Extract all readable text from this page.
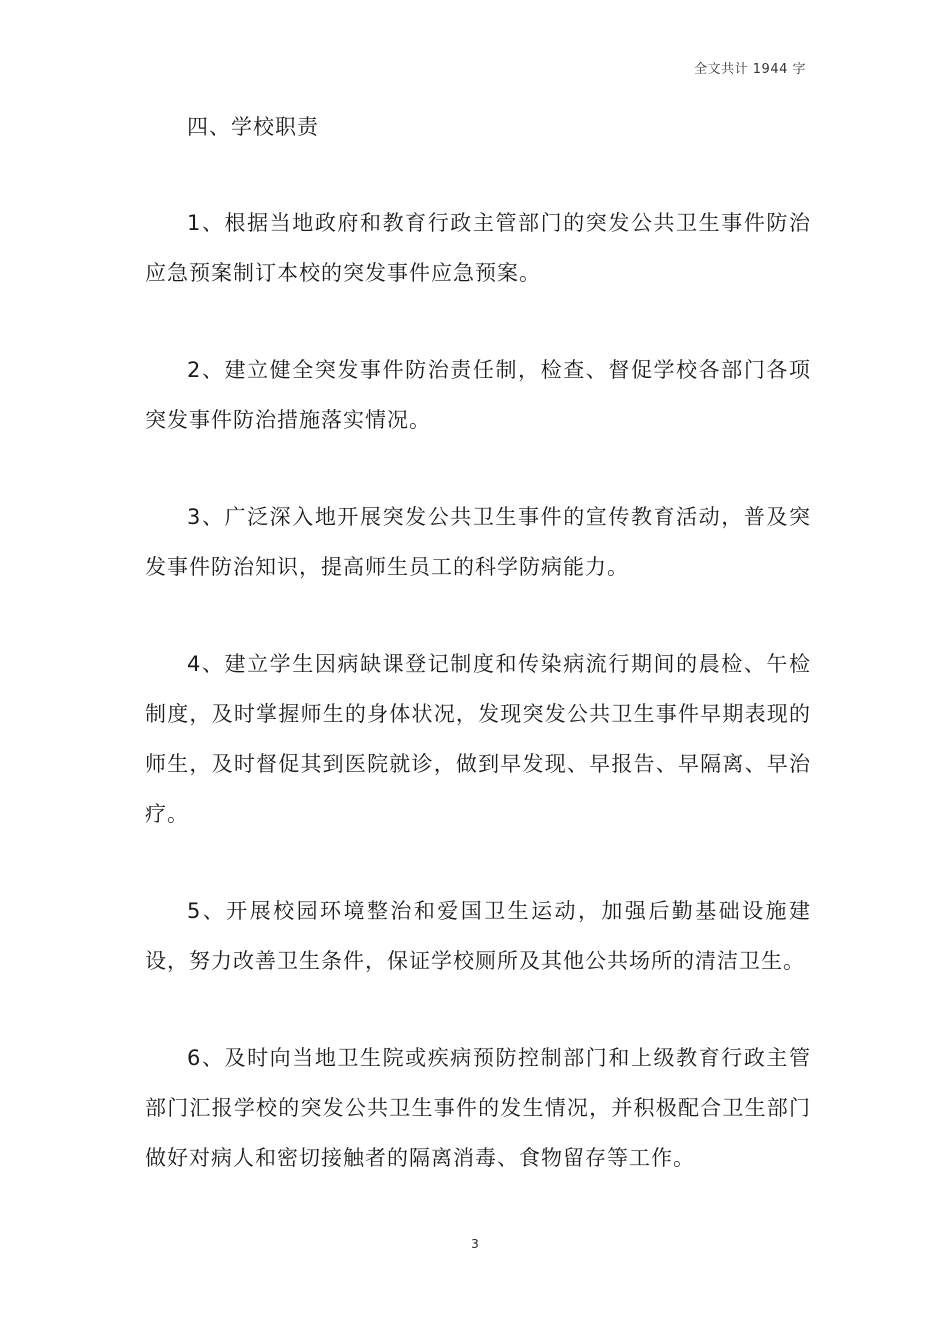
全文共计 1944 字

四、学校职责

1、根据当地政府和教育行政主管部门的突发公共卫生事件防治应急预案制订本校的突发事件应急预案。

2、建立健全突发事件防治责任制，检查、督促学校各部门各项突发事件防治措施落实情况。

3、广泛深入地开展突发公共卫生事件的宣传教育活动，普及突发事件防治知识，提高师生员工的科学防病能力。

4、建立学生因病缺课登记制度和传染病流行期间的晨检、午检制度，及时掌握师生的身体状况，发现突发公共卫生事件早期表现的师生，及时督促其到医院就诊，做到早发现、早报告、早隔离、早治疗。

5、开展校园环境整治和爱国卫生运动，加强后勤基础设施建设，努力改善卫生条件，保证学校厕所及其他公共场所的清洁卫生。

6、及时向当地卫生院或疾病预防控制部门和上级教育行政主管部门汇报学校的突发公共卫生事件的发生情况，并积极配合卫生部门做好对病人和密切接触者的隔离消毒、食物留存等工作。

3
